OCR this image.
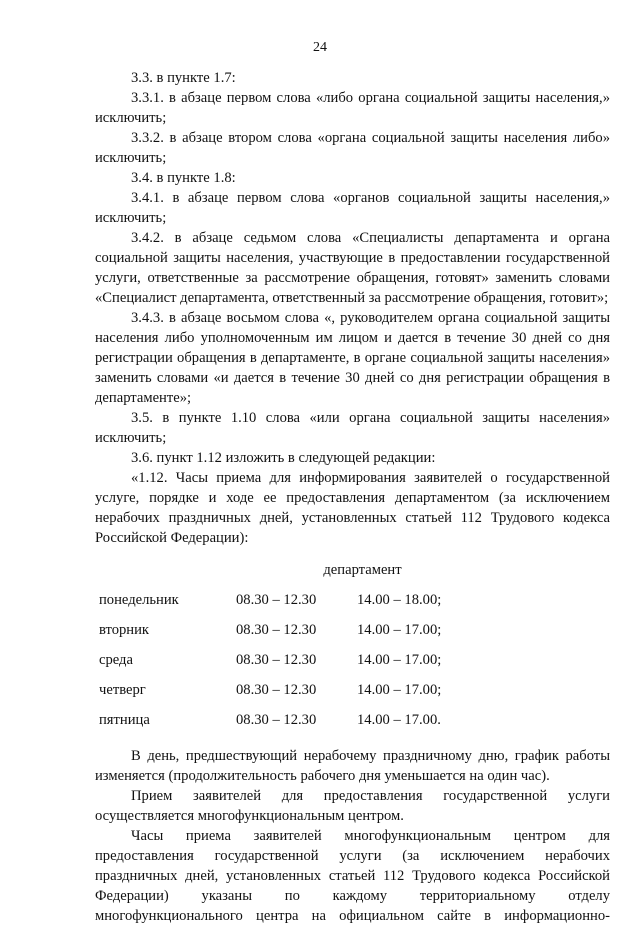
24

3.3. в пункте 1.7:

3.3.1. в абзаце первом слова «либо органа социальной защиты населения,» исключить;

3.3.2. в абзаце втором слова «органа социальной защиты населения либо» исключить;

3.4. в пункте 1.8:

3.4.1. в абзаце первом слова «органов социальной защиты населения,» исключить;

3.4.2. в абзаце седьмом слова «Специалисты департамента и органа социальной защиты населения, участвующие в предоставлении государственной услуги, ответственные за рассмотрение обращения, готовят» заменить словами «Специалист департамента, ответственный за рассмотрение обращения, готовит»;

3.4.3. в абзаце восьмом слова «, руководителем органа социальной защиты населения либо уполномоченным им лицом и дается в течение 30 дней со дня регистрации обращения в департаменте, в органе социальной защиты населения» заменить словами «и дается в течение 30 дней со дня регистрации обращения в департаменте»;

3.5. в пункте 1.10 слова «или органа социальной защиты населения» исключить;

3.6. пункт 1.12 изложить в следующей редакции:

«1.12. Часы приема для информирования заявителей о государственной услуге, порядке и ходе ее предоставления департаментом (за исключением нерабочих праздничных дней, установленных статьей 112 Трудового кодекса Российской Федерации):

департамент
понедельник	08.30 – 12.30	14.00 – 18.00;
вторник	08.30 – 12.30	14.00 – 17.00;
среда	08.30 – 12.30	14.00 – 17.00;
четверг	08.30 – 12.30	14.00 – 17.00;
пятница	08.30 – 12.30	14.00 – 17.00.

В день, предшествующий нерабочему праздничному дню, график работы изменяется (продолжительность рабочего дня уменьшается на один час).

Прием заявителей для предоставления государственной услуги осуществляется многофункциональным центром.

Часы приема заявителей многофункциональным центром для предоставления государственной услуги (за исключением нерабочих праздничных дней, установленных статьей 112 Трудового кодекса Российской Федерации) указаны по каждому территориальному отделу многофункционального центра на официальном сайте в информационно-
